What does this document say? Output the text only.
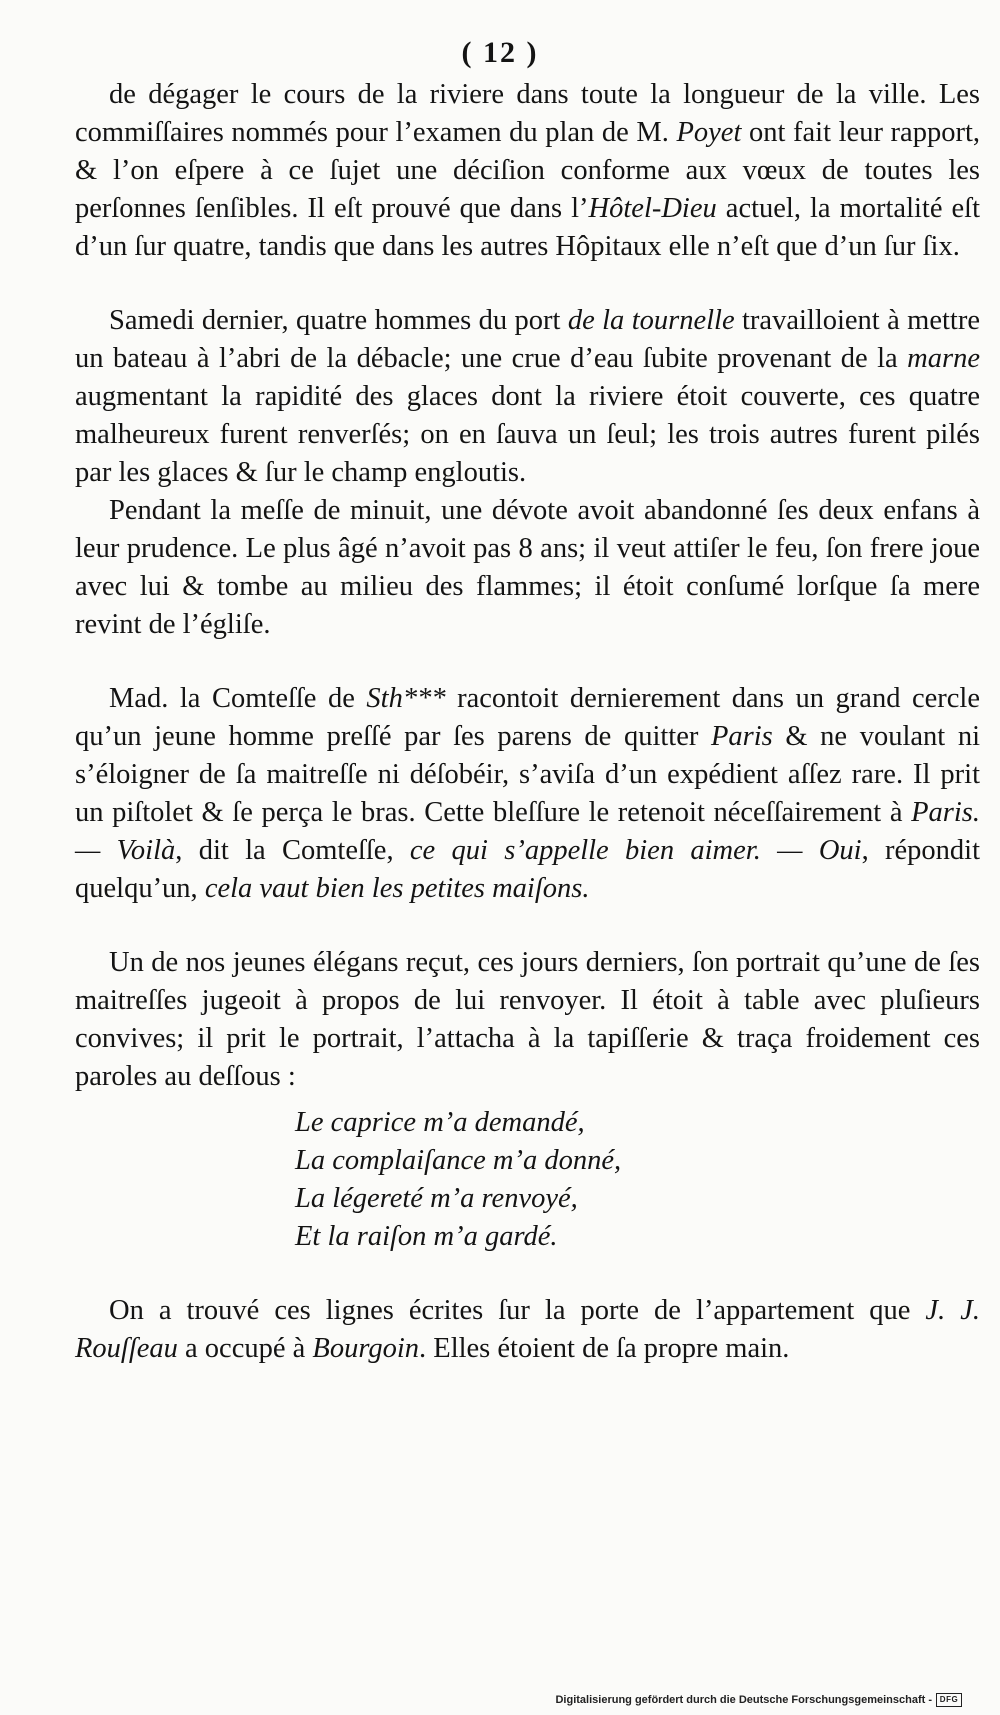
( 12 )

de dégager le cours de la riviere dans toute la longueur de la ville. Les commiſſaires nommés pour l’examen du plan de M. Poyet ont fait leur rapport, & l’on eſpere à ce ſujet une déciſion conforme aux vœux de toutes les perſonnes ſenſibles. Il eſt prouvé que dans l’Hôtel-Dieu actuel, la mortalité eſt d’un ſur quatre, tandis que dans les autres Hôpitaux elle n’eſt que d’un ſur ſix.

Samedi dernier, quatre hommes du port de la tournelle travailloient à mettre un bateau à l’abri de la débacle; une crue d’eau ſubite provenant de la marne augmentant la rapidité des glaces dont la riviere étoit couverte, ces quatre malheureux furent renverſés; on en ſauva un ſeul; les trois autres furent pilés par les glaces & ſur le champ engloutis.

Pendant la meſſe de minuit, une dévote avoit abandonné ſes deux enfans à leur prudence. Le plus âgé n’avoit pas 8 ans; il veut attiſer le feu, ſon frere joue avec lui & tombe au milieu des flammes; il étoit conſumé lorſque ſa mere revint de l’égliſe.

Mad. la Comteſſe de Sth*** racontoit dernierement dans un grand cercle qu’un jeune homme preſſé par ſes parens de quitter Paris & ne voulant ni s’éloigner de ſa maitreſſe ni déſobéir, s’aviſa d’un expédient aſſez rare. Il prit un piſtolet & ſe perça le bras. Cette bleſſure le retenoit néceſſairement à Paris. — Voilà, dit la Comteſſe, ce qui s’appelle bien aimer. — Oui, répondit quelqu’un, cela vaut bien les petites maiſons.

Un de nos jeunes élégans reçut, ces jours derniers, ſon portrait qu’une de ſes maitreſſes jugeoit à propos de lui renvoyer. Il étoit à table avec pluſieurs convives; il prit le portrait, l’attacha à la tapiſſerie & traça froidement ces paroles au deſſous :

Le caprice m’a demandé,
La complaiſance m’a donné,
La légereté m’a renvoyé,
Et la raiſon m’a gardé.

On a trouvé ces lignes écrites ſur la porte de l’appartement que J. J. Rouſſeau a occupé à Bourgoin. Elles étoient de ſa propre main.

Digitalisierung gefördert durch die Deutsche Forschungsgemeinschaft - DFG
